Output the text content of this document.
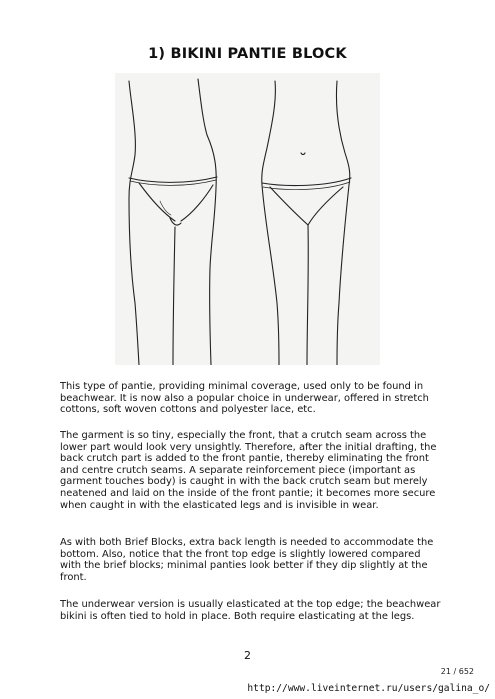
1) BIKINI PANTIE BLOCK

This type of pantie, providing minimal coverage, used only to be found in beachwear. It is now also a popular choice in underwear, offered in stretch cottons, soft woven cottons and polyester lace, etc.

The garment is so tiny, especially the front, that a crutch seam across the lower part would look very unsightly. Therefore, after the initial drafting, the back crutch part is added to the front pantie, thereby eliminating the front and centre crutch seams. A separate reinforcement piece (important as garment touches body) is caught in with the back crutch seam but merely neatened and laid on the inside of the front pantie; it becomes more secure when caught in with the elasticated legs and is invisible in wear.

As with both Brief Blocks, extra back length is needed to accommodate the bottom. Also, notice that the front top edge is slightly lowered compared with the brief blocks; minimal panties look better if they dip slightly at the front.

The underwear version is usually elasticated at the top edge; the beachwear bikini is often tied to hold in place. Both require elasticating at the legs.

2
21 / 652
http://www.liveinternet.ru/users/galina_o/
